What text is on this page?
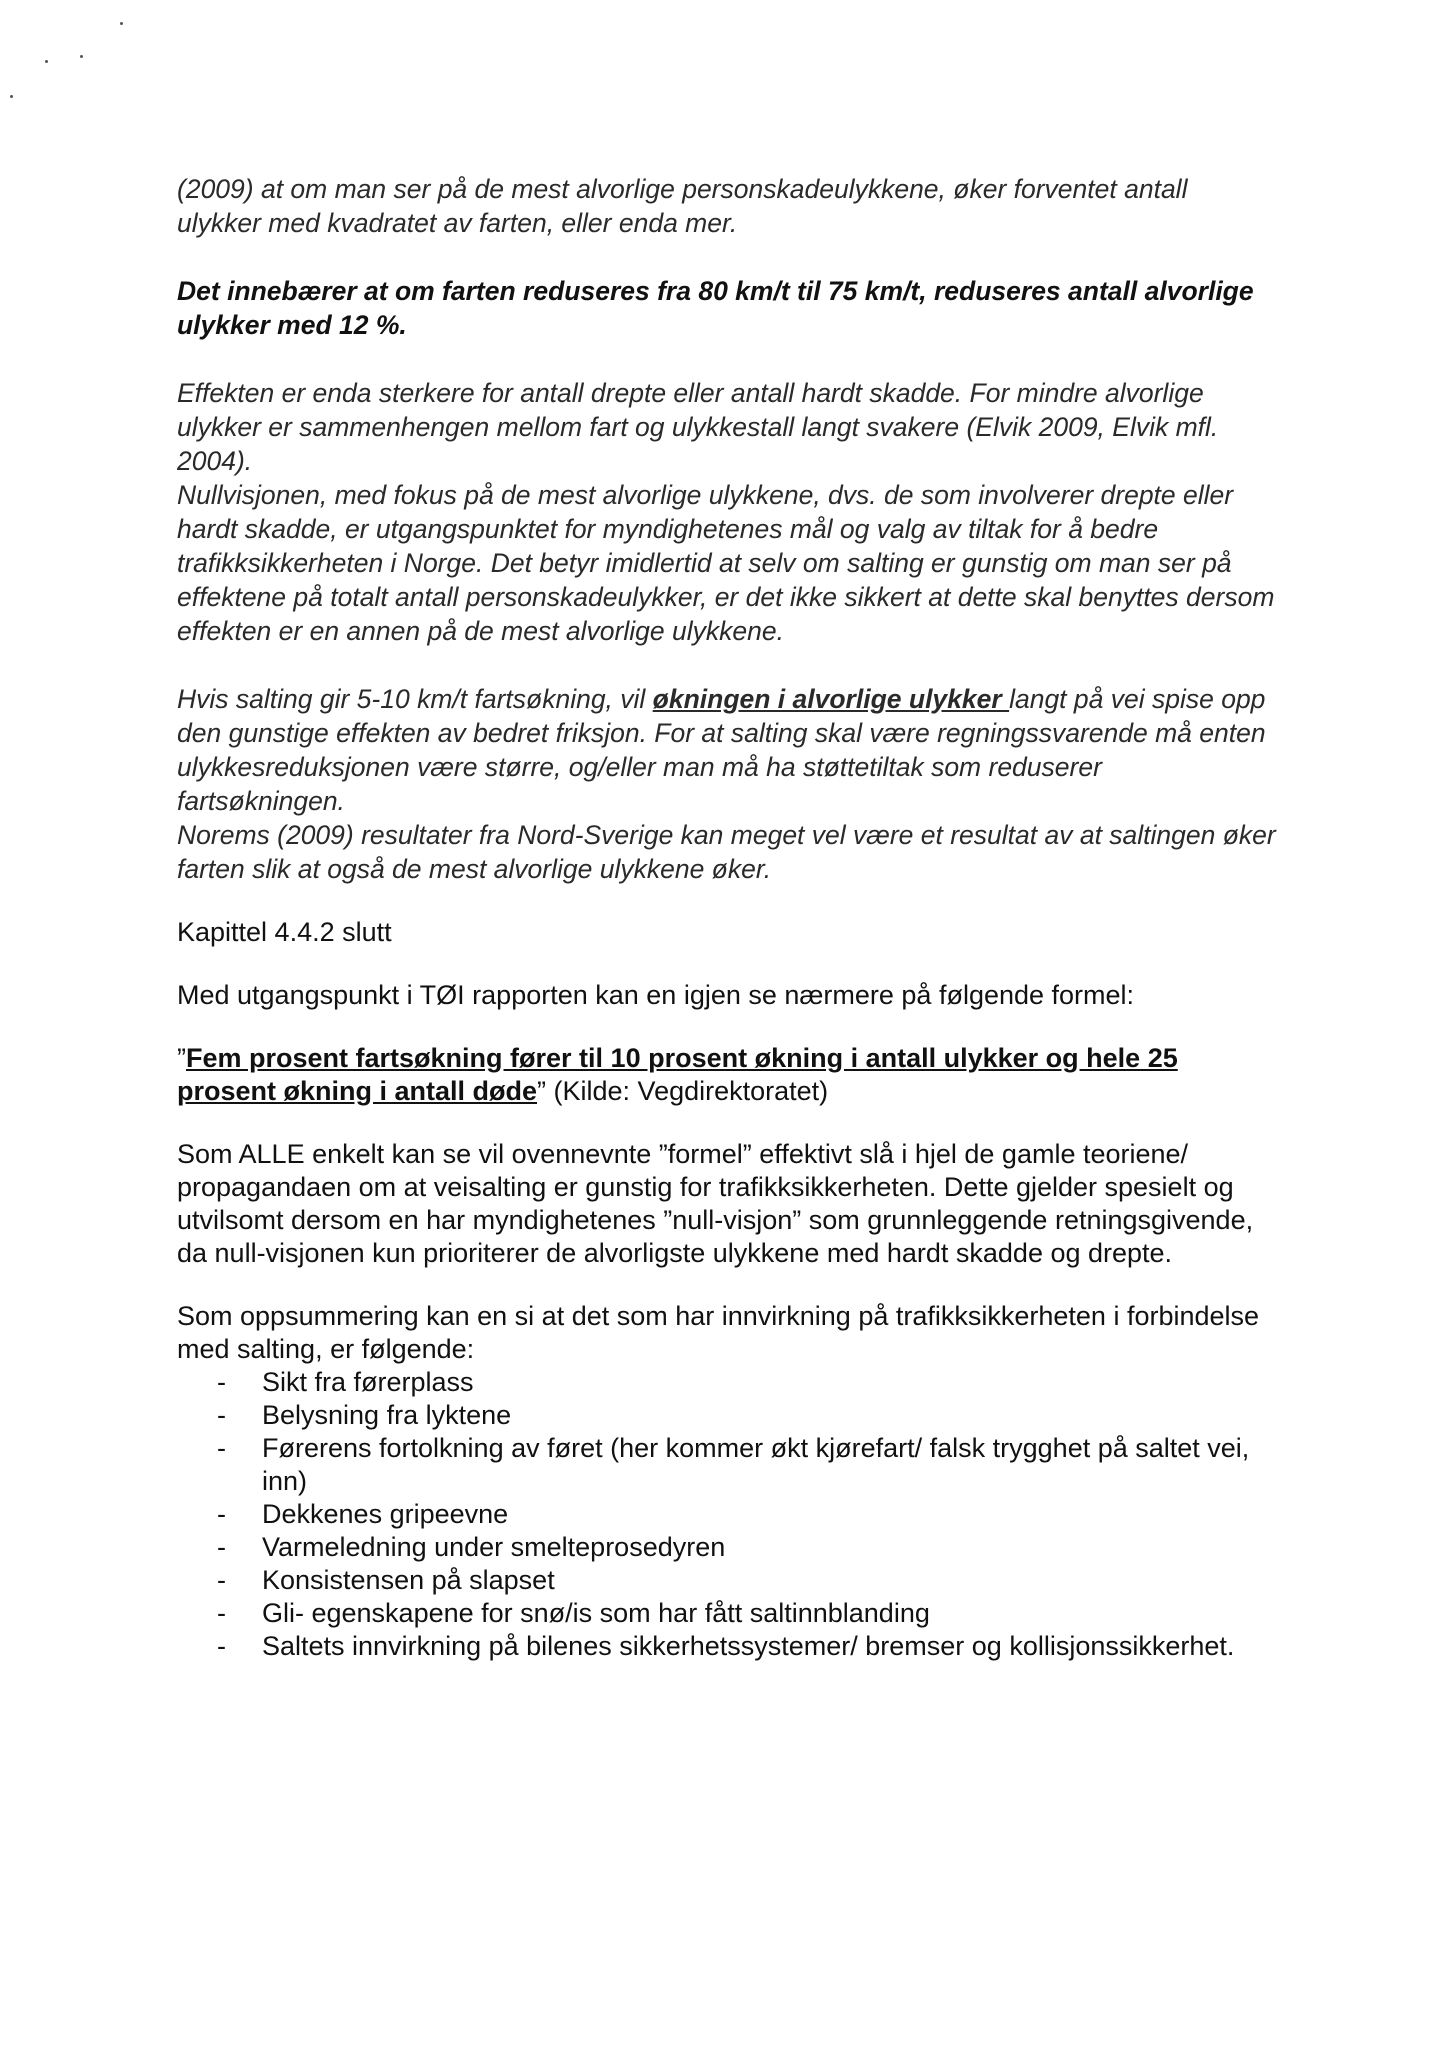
(2009) at om man ser på de mest alvorlige personskadeulykkene, øker forventet antall ulykker med kvadratet av farten, eller enda mer.

Det innebærer at om farten reduseres fra 80 km/t til 75 km/t, reduseres antall alvorlige ulykker med 12 %.

Effekten er enda sterkere for antall drepte eller antall hardt skadde. For mindre alvorlige ulykker er sammenhengen mellom fart og ulykkestall langt svakere (Elvik 2009, Elvik mfl. 2004).

Nullvisjonen, med fokus på de mest alvorlige ulykkene, dvs. de som involverer drepte eller hardt skadde, er utgangspunktet for myndighetenes mål og valg av tiltak for å bedre trafikksikkerheten i Norge. Det betyr imidlertid at selv om salting er gunstig om man ser på effektene på totalt antall personskadeulykker, er det ikke sikkert at dette skal benyttes dersom effekten er en annen på de mest alvorlige ulykkene.

Hvis salting gir 5-10 km/t fartsøkning, vil økningen i alvorlige ulykker langt på vei spise opp den gunstige effekten av bedret friksjon. For at salting skal være regningssvarende må enten ulykkesreduksjonen være større, og/eller man må ha støttetiltak som reduserer fartsøkningen.

Norems (2009) resultater fra Nord-Sverige kan meget vel være et resultat av at saltingen øker farten slik at også de mest alvorlige ulykkene øker.

Kapittel 4.4.2 slutt

Med utgangspunkt i TØI rapporten kan en igjen se nærmere på følgende formel:

”Fem prosent fartsøkning fører til 10 prosent økning i antall ulykker og hele 25 prosent økning i antall døde” (Kilde: Vegdirektoratet)

Som ALLE enkelt kan se vil ovennevnte ”formel” effektivt slå i hjel de gamle teoriene/ propagandaen om at veisalting er gunstig for trafikksikkerheten. Dette gjelder spesielt og utvilsomt dersom en har myndighetenes ”null-visjon” som grunnleggende retningsgivende, da null-visjonen kun prioriterer de alvorligste ulykkene med hardt skadde og drepte.

Som oppsummering kan en si at det som har innvirkning på trafikksikkerheten i forbindelse med salting, er følgende:

- Sikt fra førerplass
- Belysning fra lyktene
- Førerens fortolkning av føret (her kommer økt kjørefart/ falsk trygghet på saltet vei, inn)
- Dekkenes gripeevne
- Varmeledning under smelteprosedyren
- Konsistensen på slapset
- Gli- egenskapene for snø/is som har fått saltinnblanding
- Saltets innvirkning på bilenes sikkerhetssystemer/ bremser og kollisjonssikkerhet.
